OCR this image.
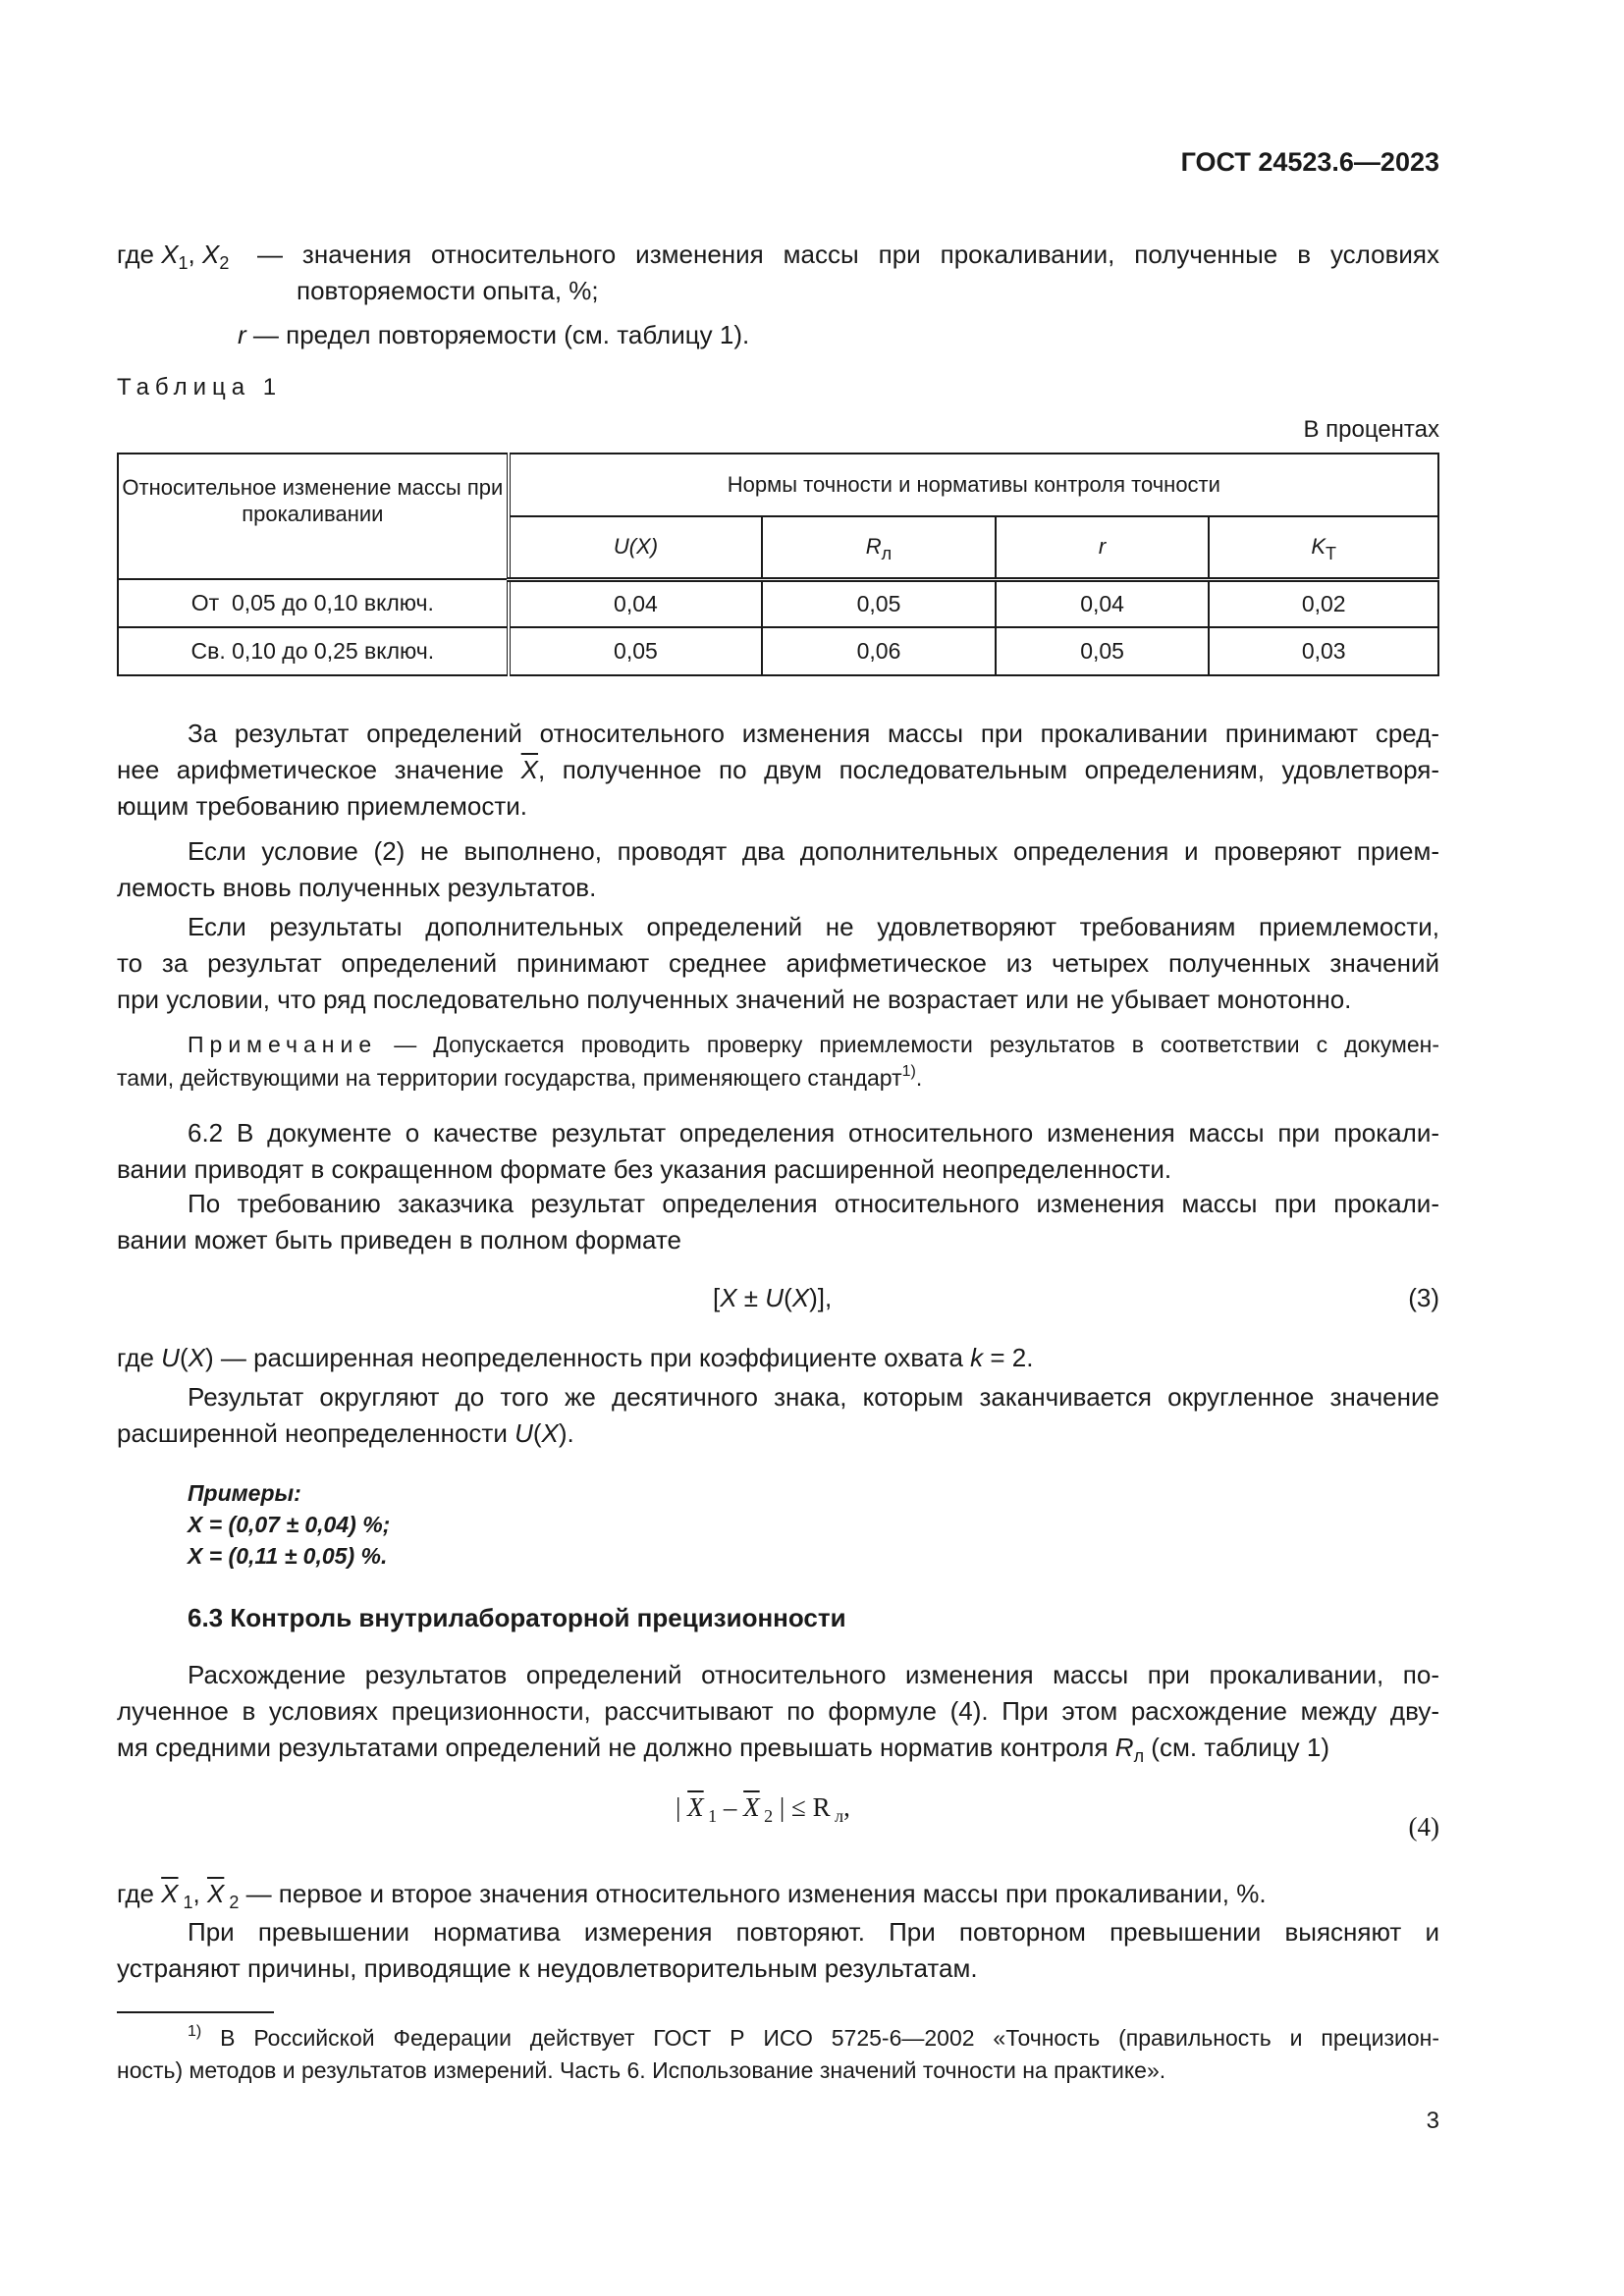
ГОСТ 24523.6—2023
где $X_1$, $X_2$ — значения относительного изменения массы при прокаливании, полученные в условиях
повторяемости опыта, %;
r — предел повторяемости (см. таблицу 1).
Таблица 1
В процентах
Относительное изменение массы при прокаливании	Нормы точности и нормативы контроля точности			
	U(X)	$R_л$	r	$K_Т$
От  0,05 до 0,10 включ.	0,04	0,05	0,04	0,02
Св. 0,10 до 0,25 включ.	0,05	0,06	0,05	0,03
За результат определений относительного изменения массы при прокаливании принимают сред-
нее арифметическое значение $\overline{X}$, полученное по двум последовательным определениям, удовлетворя-
ющим требованию приемлемости.
Если условие (2) не выполнено, проводят два дополнительных определения и проверяют прием-
лемость вновь полученных результатов.
Если результаты дополнительных определений не удовлетворяют требованиям приемлемости,
то за результат определений принимают среднее арифметическое из четырех полученных значений
при условии, что ряд последовательно полученных значений не возрастает или не убывает монотонно.
Примечание — Допускается проводить проверку приемлемости результатов в соответствии с докумен-
тами, действующими на территории государства, применяющего стандарт$^{1)}$.
6.2 В документе о качестве результат определения относительного изменения массы при прокали-
вании приводят в сокращенном формате без указания расширенной неопределенности.
По требованию заказчика результат определения относительного изменения массы при прокали-
вании может быть приведен в полном формате
[X ± U(X)],	(3)
где U(X) — расширенная неопределенность при коэффициенте охвата k = 2.
Результат округляют до того же десятичного знака, которым заканчивается округленное значение
расширенной неопределенности U(X).
Примеры:
X = (0,07 ± 0,04) %;
X = (0,11 ± 0,05) %.
6.3 Контроль внутрилабораторной прецизионности
Расхождение результатов определений относительного изменения массы при прокаливании, по-
лученное в условиях прецизионности, рассчитывают по формуле (4). При этом расхождение между дву-
мя средними результатами определений не должно превышать норматив контроля $R_л$ (см. таблицу 1)
| $\overline{X}$ $_1 - \overline{X}$ $_2$ | ≤ R $_л$,
(4)
где $\overline{X}$ $_1$, $\overline{X}$ $_2$ — первое и вторoе значения относительного изменения массы при прокаливании, %.
При превышении норматива измерения повторяют. При повторном превышении выясняют и
устраняют причины, приводящие к неудовлетворительным результатам.
$^{1)}$ В Российской Федерации действует ГОСТ Р ИСО 5725-6—2002 «Точность (правильность и прецизион-
ность) методов и результатов измерений. Часть 6. Использование значений точности на практике».
3
